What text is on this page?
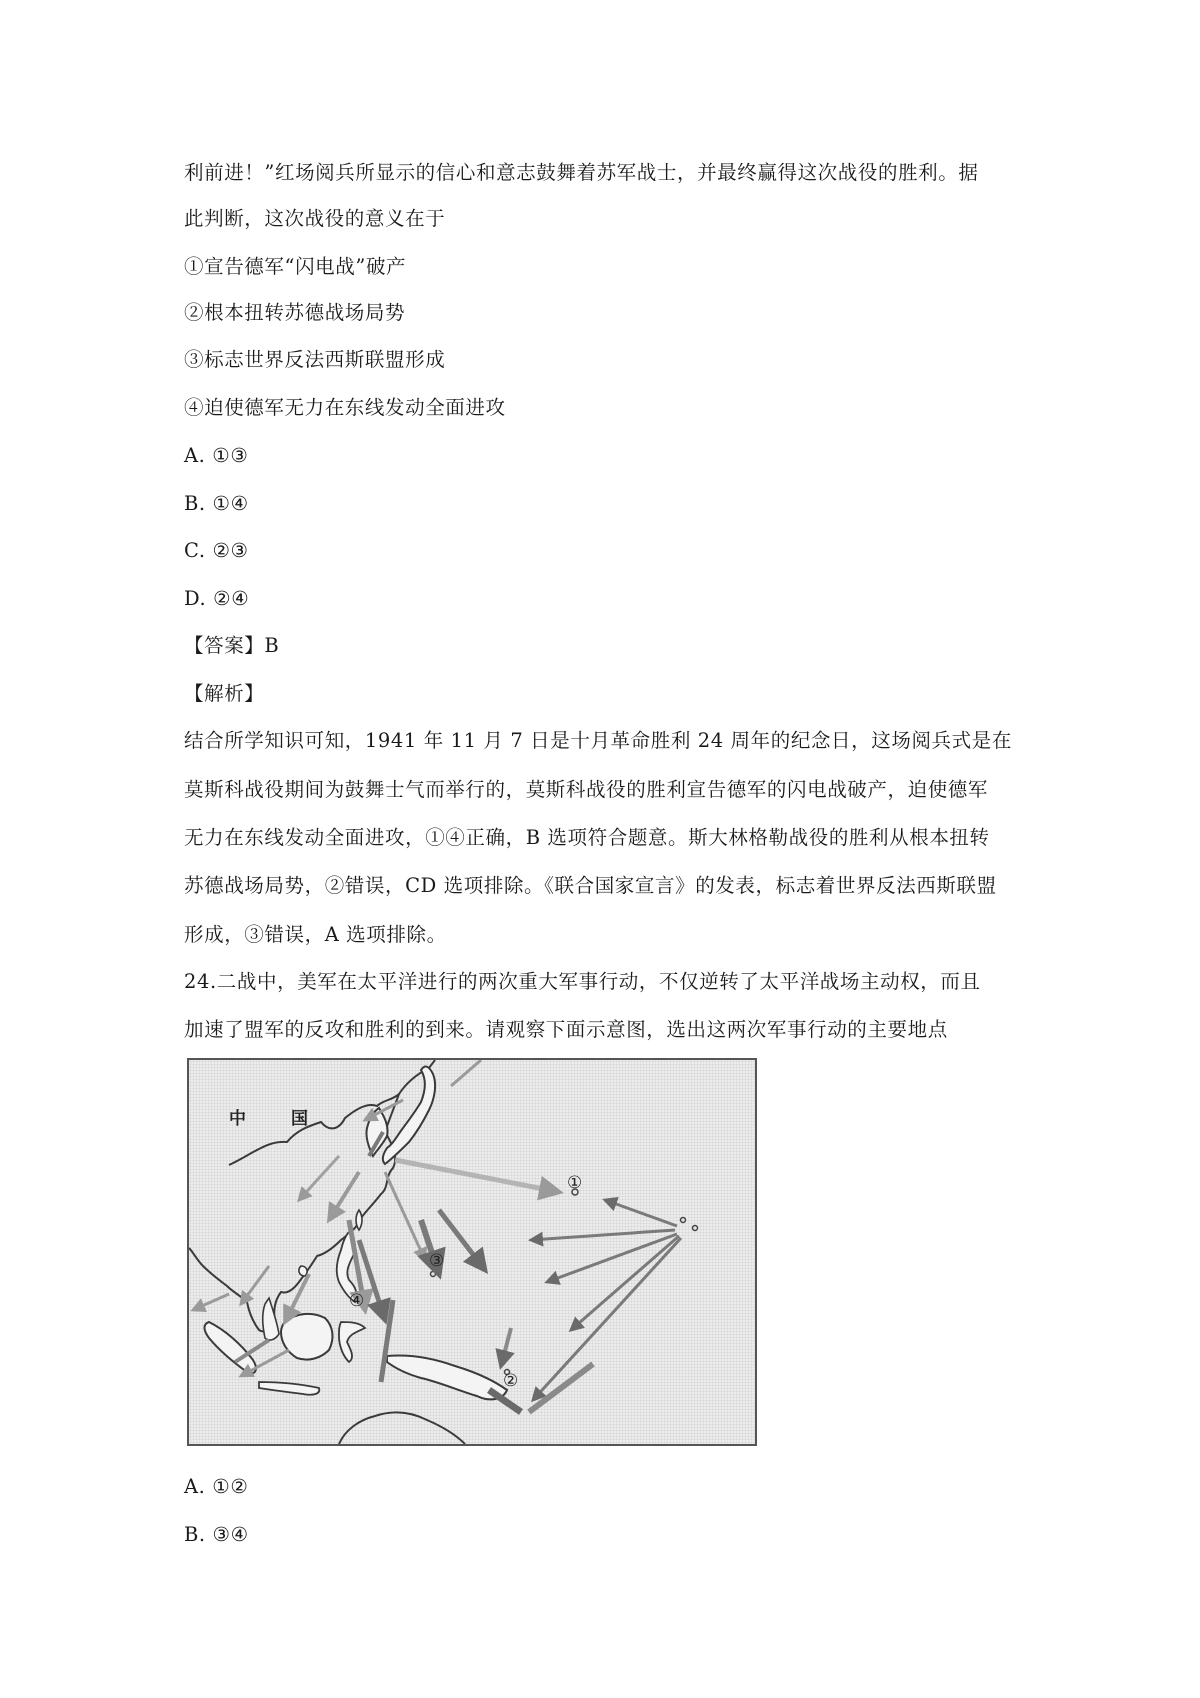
利前进！”红场阅兵所显示的信心和意志鼓舞着苏军战士，并最终赢得这次战役的胜利。据
此判断，这次战役的意义在于
①宣告德军“闪电战”破产
②根本扭转苏德战场局势
③标志世界反法西斯联盟形成
④迫使德军无力在东线发动全面进攻
A. ①③
B. ①④
C. ②③
D. ②④
【答案】B
【解析】
结合所学知识可知，1941 年 11 月 7 日是十月革命胜利 24 周年的纪念日，这场阅兵式是在
莫斯科战役期间为鼓舞士气而举行的，莫斯科战役的胜利宣告德军的闪电战破产，迫使德军
无力在东线发动全面进攻，①④正确，B 选项符合题意。斯大林格勒战役的胜利从根本扭转
苏德战场局势，②错误，CD 选项排除。《联合国家宣言》的发表，标志着世界反法西斯联盟
形成，③错误，A 选项排除。
24.二战中，美军在太平洋进行的两次重大军事行动，不仅逆转了太平洋战场主动权，而且
加速了盟军的反攻和胜利的到来。请观察下面示意图，选出这两次军事行动的主要地点
A. ①②
B. ③④
中	国
①
②
③
④
